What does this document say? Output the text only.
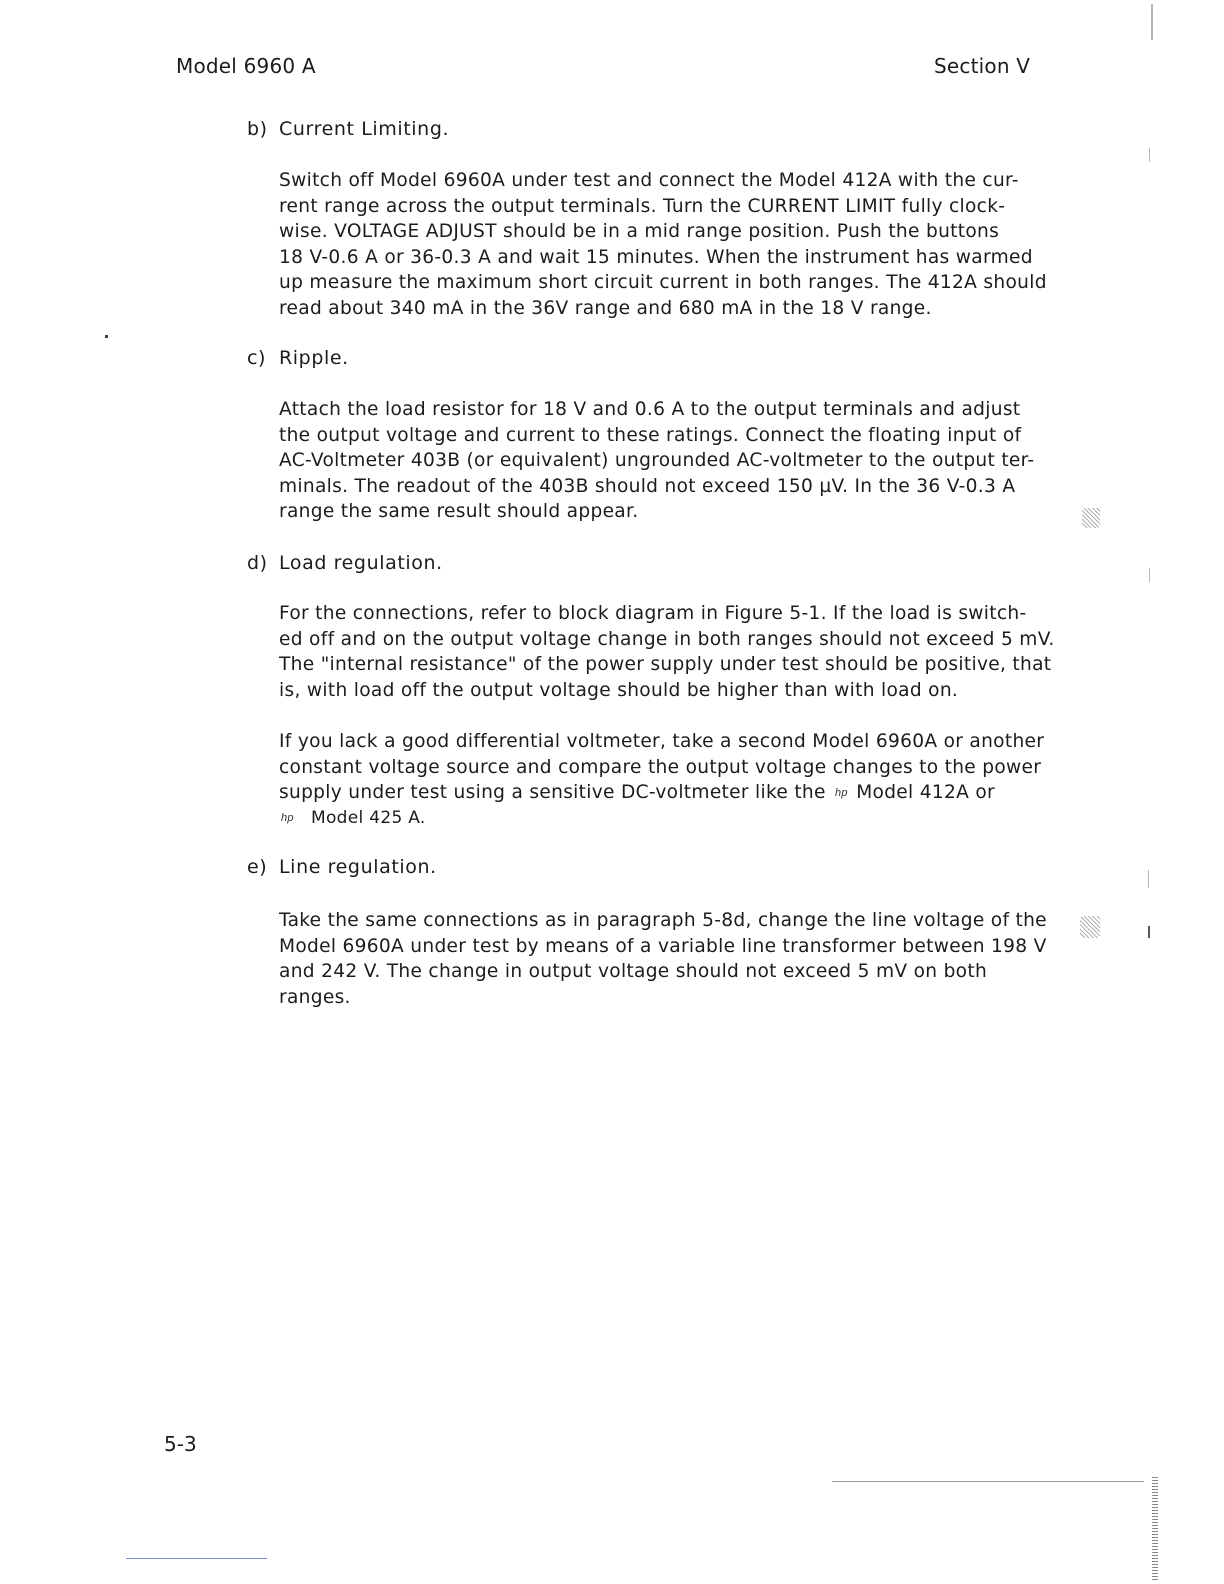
Model 6960 A	Section V
b) Current Limiting.
Switch off Model 6960A under test and connect the Model 412A with the cur-
rent range across the output terminals. Turn the CURRENT LIMIT fully clock-
wise. VOLTAGE ADJUST should be in a mid range position. Push the buttons
18 V-0.6 A or 36-0.3 A and wait 15 minutes. When the instrument has warmed
up measure the maximum short circuit current in both ranges. The 412A should
read about 340 mA in the 36V range and 680 mA in the 18 V range.
c) Ripple.
Attach the load resistor for 18 V and 0.6 A to the output terminals and adjust
the output voltage and current to these ratings. Connect the floating input of
AC-Voltmeter 403B (or equivalent) ungrounded AC-voltmeter to the output ter-
minals. The readout of the 403B should not exceed 150 µV. In the 36 V-0.3 A
range the same result should appear.
d) Load regulation.
For the connections, refer to block diagram in Figure 5-1. If the load is switch-
ed off and on the output voltage change in both ranges should not exceed 5 mV.
The "internal resistance" of the power supply under test should be positive, that
is, with load off the output voltage should be higher than with load on.
If you lack a good differential voltmeter, take a second Model 6960A or another
constant voltage source and compare the output voltage changes to the power
supply under test using a sensitive DC-voltmeter like the hp Model 412A or
hp Model 425 A.
e) Line regulation.
Take the same connections as in paragraph 5-8d, change the line voltage of the
Model 6960A under test by means of a variable line transformer between 198 V
and 242 V. The change in output voltage should not exceed 5 mV on both
ranges.
5-3
